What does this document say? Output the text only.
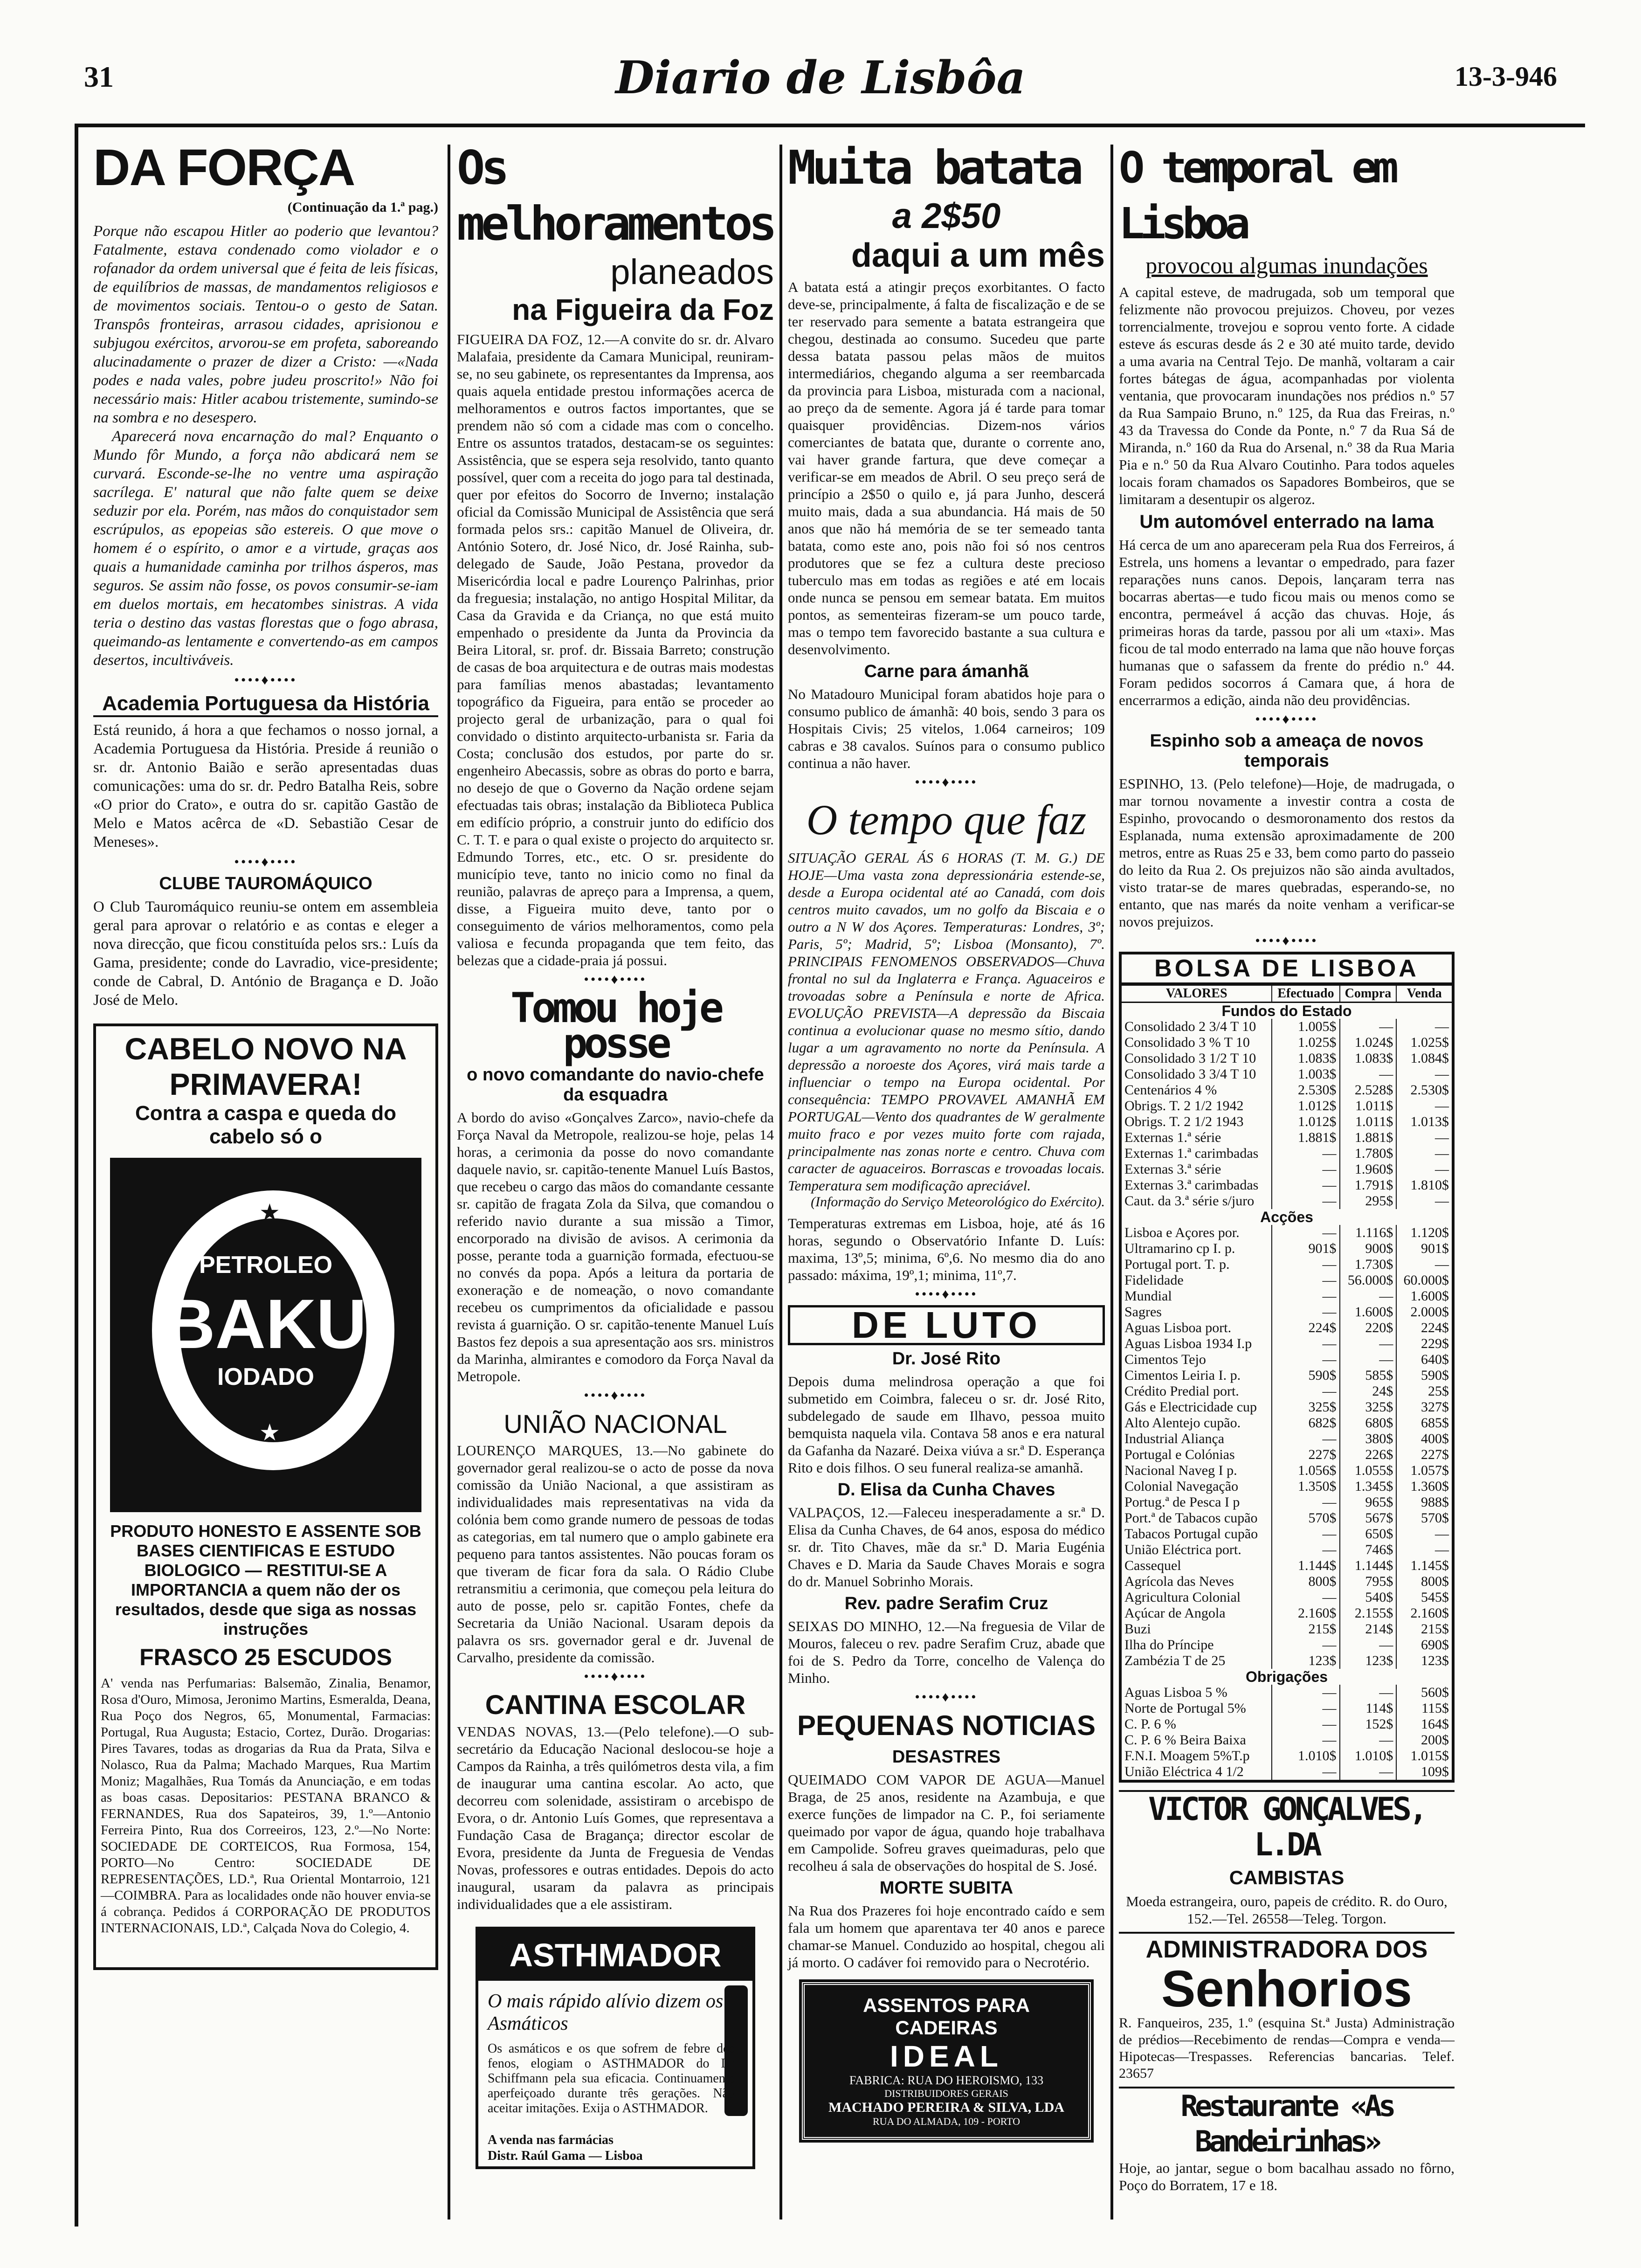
31	Diario de Lisbôa	13-3-946
DA FORÇA
(Continuação da 1.ª pag.)

Porque não escapou Hitler ao poderio que levantou? Fatalmente, estava condenado como violador e o rofanador da ordem universal que é feita de leis físicas, de equilíbrios de massas, de mandamentos religiosos e de movimentos sociais. Tentou-o o gesto de Satan. Transpôs fronteiras, arrasou cidades, aprisionou e subjugou exércitos, arvorou-se em profeta, saboreando alucinadamente o prazer de dizer a Cristo: —«Nada podes e nada vales, pobre judeu proscrito!» Não foi necessário mais: Hitler acabou tristemente, sumindo-se na sombra e no desespero.

Aparecerá nova encarnação do mal? Enquanto o Mundo fôr Mundo, a força não abdicará nem se curvará. Esconde-se-lhe no ventre uma aspiração sacrílega. E' natural que não falte quem se deixe seduzir por ela. Porém, nas mãos do conquistador sem escrúpulos, as epopeias são estereis. O que move o homem é o espírito, o amor e a virtude, graças aos quais a humanidade caminha por trilhos ásperos, mas seguros. Se assim não fosse, os povos consumir-se-iam em duelos mortais, em hecatombes sinistras. A vida teria o destino das vastas florestas que o fogo abrasa, queimando-as lentamente e convertendo-as em campos desertos, incultiváveis.

••••♦••••
Academia Portuguesa da História

Está reunido, á hora a que fechamos o nosso jornal, a Academia Portuguesa da História. Preside á reunião o sr. dr. Antonio Baião e serão apresentadas duas comunicações: uma do sr. dr. Pedro Batalha Reis, sobre «O prior do Crato», e outra do sr. capitão Gastão de Melo e Matos acêrca de «D. Sebastião Cesar de Meneses».

••••♦••••
CLUBE TAUROMÁQUICO

O Club Tauromáquico reuniu-se ontem em assembleia geral para aprovar o relatório e as contas e eleger a nova direcção, que ficou constituída pelos srs.: Luís da Gama, presidente; conde do Lavradio, vice-presidente; conde de Cabral, D. António de Bragança e D. João José de Melo.

CABELO NOVO NA PRIMAVERA!
Contra a caspa e queda do cabelo só o
PETROLEO
BAKU
IODADO
★
★
PRODUTO HONESTO E ASSENTE SOB BASES CIENTIFICAS E ESTUDO BIOLOGICO — RESTITUI-SE A IMPORTANCIA a quem não der os resultados, desde que siga as nossas instruções
FRASCO 25 ESCUDOS

A' venda nas Perfumarias: Balsemão, Zinalia, Benamor, Rosa d'Ouro, Mimosa, Jeronimo Martins, Esmeralda, Deana, Rua Poço dos Negros, 65, Monumental, Farmacias: Portugal, Rua Augusta; Estacio, Cortez, Durão. Drogarias: Pires Tavares, todas as drogarias da Rua da Prata, Silva e Nolasco, Rua da Palma; Machado Marques, Rua Martim Moniz; Magalhães, Rua Tomás da Anunciação, e em todas as boas casas. Depositarios: PESTANA BRANCO & FERNANDES, Rua dos Sapateiros, 39, 1.º—Antonio Ferreira Pinto, Rua dos Correeiros, 123, 2.º—No Norte: SOCIEDADE DE CORTEICOS, Rua Formosa, 154, PORTO—No Centro: SOCIEDADE DE REPRESENTAÇÕES, LD.ª, Rua Oriental Montarroio, 121—COIMBRA. Para as localidades onde não houver envia-se á cobrança. Pedidos á CORPORAÇÃO DE PRODUTOS INTERNACIONAIS, LD.ª, Calçada Nova do Colegio, 4.

Os melhoramentos
planeados
na Figueira da Foz

FIGUEIRA DA FOZ, 12.—A convite do sr. dr. Alvaro Malafaia, presidente da Camara Municipal, reuniram-se, no seu gabinete, os representantes da Imprensa, aos quais aquela entidade prestou informações acerca de melhoramentos e outros factos importantes, que se prendem não só com a cidade mas com o concelho. Entre os assuntos tratados, destacam-se os seguintes: Assistência, que se espera seja resolvido, tanto quanto possível, quer com a receita do jogo para tal destinada, quer por efeitos do Socorro de Inverno; instalação oficial da Comissão Municipal de Assistência que será formada pelos srs.: capitão Manuel de Oliveira, dr. António Sotero, dr. José Nico, dr. José Rainha, sub-delegado de Saude, João Pestana, provedor da Misericórdia local e padre Lourenço Palrinhas, prior da freguesia; instalação, no antigo Hospital Militar, da Casa da Gravida e da Criança, no que está muito empenhado o presidente da Junta da Provincia da Beira Litoral, sr. prof. dr. Bissaia Barreto; construção de casas de boa arquitectura e de outras mais modestas para famílias menos abastadas; levantamento topográfico da Figueira, para então se proceder ao projecto geral de urbanização, para o qual foi convidado o distinto arquitecto-urbanista sr. Faria da Costa; conclusão dos estudos, por parte do sr. engenheiro Abecassis, sobre as obras do porto e barra, no desejo de que o Governo da Nação ordene sejam efectuadas tais obras; instalação da Biblioteca Publica em edifício próprio, a construir junto do edifício dos C. T. T. e para o qual existe o projecto do arquitecto sr. Edmundo Torres, etc., etc. O sr. presidente do município teve, tanto no inicio como no final da reunião, palavras de apreço para a Imprensa, a quem, disse, a Figueira muito deve, tanto por o conseguimento de vários melhoramentos, como pela valiosa e fecunda propaganda que tem feito, das belezas que a cidade-praia já possui.

••••♦••••
Tomou hoje posse
o novo comandante do navio-chefe da esquadra

A bordo do aviso «Gonçalves Zarco», navio-chefe da Força Naval da Metropole, realizou-se hoje, pelas 14 horas, a cerimonia da posse do novo comandante daquele navio, sr. capitão-tenente Manuel Luís Bastos, que recebeu o cargo das mãos do comandante cessante sr. capitão de fragata Zola da Silva, que comandou o referido navio durante a sua missão a Timor, encorporado na divisão de avisos. A cerimonia da posse, perante toda a guarnição formada, efectuou-se no convés da popa. Após a leitura da portaria de exoneração e de nomeação, o novo comandante recebeu os cumprimentos da oficialidade e passou revista á guarnição. O sr. capitão-tenente Manuel Luís Bastos fez depois a sua apresentação aos srs. ministros da Marinha, almirantes e comodoro da Força Naval da Metropole.

••••♦••••
UNIÃO NACIONAL

LOURENÇO MARQUES, 13.—No gabinete do governador geral realizou-se o acto de posse da nova comissão da União Nacional, a que assistiram as individualidades mais representativas na vida da colónia bem como grande numero de pessoas de todas as categorias, em tal numero que o amplo gabinete era pequeno para tantos assistentes. Não poucas foram os que tiveram de ficar fora da sala. O Rádio Clube retransmitiu a cerimonia, que começou pela leitura do auto de posse, pelo sr. capitão Fontes, chefe da Secretaria da União Nacional. Usaram depois da palavra os srs. governador geral e dr. Juvenal de Carvalho, presidente da comissão.

••••♦••••
CANTINA ESCOLAR

VENDAS NOVAS, 13.—(Pelo telefone).—O sub-secretário da Educação Nacional deslocou-se hoje a Campos da Rainha, a três quilómetros desta vila, a fim de inaugurar uma cantina escolar. Ao acto, que decorreu com solenidade, assistiram o arcebispo de Evora, o dr. Antonio Luís Gomes, que representava a Fundação Casa de Bragança; director escolar de Evora, presidente da Junta de Freguesia de Vendas Novas, professores e outras entidades. Depois do acto inaugural, usaram da palavra as principais individualidades que a ele assistiram.

ASTHMADOR
O mais rápido alívio dizem os Asmáticos

Os asmáticos e os que sofrem de febre dos fenos, elogiam o ASTHMADOR do Dr Schiffmann pela sua eficacia. Continuamente aperfeiçoado durante três gerações. Não aceitar imitações. Exija o ASTHMADOR.

A venda nas farmácias
Distr. Raúl Gama — Lisboa
Muita batata
a 2$50
daqui a um mês

A batata está a atingir preços exorbitantes. O facto deve-se, principalmente, á falta de fiscalização e de se ter reservado para semente a batata estrangeira que chegou, destinada ao consumo. Sucedeu que parte dessa batata passou pelas mãos de muitos intermediários, chegando alguma a ser reembarcada da provincia para Lisboa, misturada com a nacional, ao preço da de semente. Agora já é tarde para tomar quaisquer providências. Dizem-nos vários comerciantes de batata que, durante o corrente ano, vai haver grande fartura, que deve começar a verificar-se em meados de Abril. O seu preço será de princípio a 2$50 o quilo e, já para Junho, descerá muito mais, dada a sua abundancia. Há mais de 50 anos que não há memória de se ter semeado tanta batata, como este ano, pois não foi só nos centros produtores que se fez a cultura deste precioso tuberculo mas em todas as regiões e até em locais onde nunca se pensou em semear batata. Em muitos pontos, as sementeiras fizeram-se um pouco tarde, mas o tempo tem favorecido bastante a sua cultura e desenvolvimento.

Carne para ámanhã

No Matadouro Municipal foram abatidos hoje para o consumo publico de ámanhã: 40 bois, sendo 3 para os Hospitais Civis; 25 vitelos, 1.064 carneiros; 109 cabras e 38 cavalos. Suínos para o consumo publico continua a não haver.

••••♦••••
O tempo que faz

SITUAÇÃO GERAL ÁS 6 HORAS (T. M. G.) DE HOJE—Uma vasta zona depressionária estende-se, desde a Europa ocidental até ao Canadá, com dois centros muito cavados, um no golfo da Biscaia e o outro a N W dos Açores. Temperaturas: Londres, 3º; Paris, 5º; Madrid, 5º; Lisboa (Monsanto), 7º. PRINCIPAIS FENOMENOS OBSERVADOS—Chuva frontal no sul da Inglaterra e França. Aguaceiros e trovoadas sobre a Península e norte de Africa. EVOLUÇÃO PREVISTA—A depressão da Biscaia continua a evolucionar quase no mesmo sítio, dando lugar a um agravamento no norte da Península. A depressão a noroeste dos Açores, virá mais tarde a influenciar o tempo na Europa ocidental. Por consequência: TEMPO PROVAVEL AMANHÃ EM PORTUGAL—Vento dos quadrantes de W geralmente muito fraco e por vezes muito forte com rajada, principalmente nas zonas norte e centro. Chuva com caracter de aguaceiros. Borrascas e trovoadas locais. Temperatura sem modificação apreciável.

(Informação do Serviço Meteorológico do Exército).

Temperaturas extremas em Lisboa, hoje, até ás 16 horas, segundo o Observatório Infante D. Luís: maxima, 13º,5; minima, 6º,6. No mesmo dia do ano passado: máxima, 19º,1; minima, 11º,7.

••••♦••••
DE LUTO
Dr. José Rito

Depois duma melindrosa operação a que foi submetido em Coimbra, faleceu o sr. dr. José Rito, subdelegado de saude em Ilhavo, pessoa muito bemquista naquela vila. Contava 58 anos e era natural da Gafanha da Nazaré. Deixa viúva a sr.ª D. Esperança Rito e dois filhos. O seu funeral realiza-se amanhã.

D. Elisa da Cunha Chaves

VALPAÇOS, 12.—Faleceu inesperadamente a sr.ª D. Elisa da Cunha Chaves, de 64 anos, esposa do médico sr. dr. Tito Chaves, mãe da sr.ª D. Maria Eugénia Chaves e D. Maria da Saude Chaves Morais e sogra do dr. Manuel Sobrinho Morais.

Rev. padre Serafim Cruz

SEIXAS DO MINHO, 12.—Na freguesia de Vilar de Mouros, faleceu o rev. padre Serafim Cruz, abade que foi de S. Pedro da Torre, concelho de Valença do Minho.

••••♦••••
PEQUENAS NOTICIAS
DESASTRES

QUEIMADO COM VAPOR DE AGUA—Manuel Braga, de 25 anos, residente na Azambuja, e que exerce funções de limpador na C. P., foi seriamente queimado por vapor de água, quando hoje trabalhava em Campolide. Sofreu graves queimaduras, pelo que recolheu á sala de observações do hospital de S. José.

MORTE SUBITA

Na Rua dos Prazeres foi hoje encontrado caído e sem fala um homem que aparentava ter 40 anos e parece chamar-se Manuel. Conduzido ao hospital, chegou ali já morto. O cadáver foi removido para o Necrotério.

ASSENTOS PARA CADEIRAS
IDEAL
FABRICA: RUA DO HEROISMO, 133
DISTRIBUIDORES GERAIS
MACHADO PEREIRA & SILVA, LDA
RUA DO ALMADA, 109 - PORTO
O temporal em Lisboa
provocou algumas inundações

A capital esteve, de madrugada, sob um temporal que felizmente não provocou prejuizos. Choveu, por vezes torrencialmente, trovejou e soprou vento forte. A cidade esteve ás escuras desde ás 2 e 30 até muito tarde, devido a uma avaria na Central Tejo. De manhã, voltaram a cair fortes bátegas de água, acompanhadas por violenta ventania, que provocaram inundações nos prédios n.º 57 da Rua Sampaio Bruno, n.º 125, da Rua das Freiras, n.º 43 da Travessa do Conde da Ponte, n.º 7 da Rua Sá de Miranda, n.º 160 da Rua do Arsenal, n.º 38 da Rua Maria Pia e n.º 50 da Rua Alvaro Coutinho. Para todos aqueles locais foram chamados os Sapadores Bombeiros, que se limitaram a desentupir os algeroz.

Um automóvel enterrado na lama

Há cerca de um ano apareceram pela Rua dos Ferreiros, á Estrela, uns homens a levantar o empedrado, para fazer reparações nuns canos. Depois, lançaram terra nas bocarras abertas—e tudo ficou mais ou menos como se encontra, permeável á acção das chuvas. Hoje, ás primeiras horas da tarde, passou por ali um «taxi». Mas ficou de tal modo enterrado na lama que não houve forças humanas que o safassem da frente do prédio n.º 44. Foram pedidos socorros á Camara que, á hora de encerrarmos a edição, ainda não deu providências.

••••♦••••
Espinho sob a ameaça de novos temporais

ESPINHO, 13. (Pelo telefone)—Hoje, de madrugada, o mar tornou novamente a investir contra a costa de Espinho, provocando o desmoronamento dos restos da Esplanada, numa extensão aproximadamente de 200 metros, entre as Ruas 25 e 33, bem como parto do passeio do leito da Rua 2. Os prejuizos não são ainda avultados, visto tratar-se de mares quebradas, esperando-se, no entanto, que nas marés da noite venham a verificar-se novos prejuizos.

••••♦••••
BOLSA DE LISBOA
VALORES	Efectuado	Compra	Venda
Fundos do Estado			
Consolidado 2 3/4 T 10	1.005$	—	—
Consolidado 3 % T 10	1.025$	1.024$	1.025$
Consolidado 3 1/2 T 10	1.083$	1.083$	1.084$
Consolidado 3 3/4 T 10	1.003$	—	—
Centenários 4 %	2.530$	2.528$	2.530$
Obrigs. T. 2 1/2 1942	1.012$	1.011$	—
Obrigs. T. 2 1/2 1943	1.012$	1.011$	1.013$
Externas 1.ª série	1.881$	1.881$	—
Externas 1.ª carimbadas	—	1.780$	—
Externas 3.ª série	—	1.960$	—
Externas 3.ª carimbadas	—	1.791$	1.810$
Caut. da 3.ª série s/juro	—	295$	—
Acções			
Lisboa e Açores por.	—	1.116$	1.120$
Ultramarino cp I. p.	901$	900$	901$
Portugal port. T. p.	—	1.730$	—
Fidelidade	—	56.000$	60.000$
Mundial	—	—	1.600$
Sagres	—	1.600$	2.000$
Aguas Lisboa port.	224$	220$	224$
Aguas Lisboa 1934 I.p	—	—	229$
Cimentos Tejo	—	—	640$
Cimentos Leiria I. p.	590$	585$	590$
Crédito Predial port.	—	24$	25$
Gás e Electricidade cup	325$	325$	327$
Alto Alentejo cupão.	682$	680$	685$
Industrial Aliança	—	380$	400$
Portugal e Colónias	227$	226$	227$
Nacional Naveg I p.	1.056$	1.055$	1.057$
Colonial Navegação	1.350$	1.345$	1.360$
Portug.ª de Pesca I p	—	965$	988$
Port.ª de Tabacos cupão	570$	567$	570$
Tabacos Portugal cupão	—	650$	—
União Eléctrica port.	—	746$	—
Cassequel	1.144$	1.144$	1.145$
Agrícola das Neves	800$	795$	800$
Agricultura Colonial	—	540$	545$
Açúcar de Angola	2.160$	2.155$	2.160$
Buzi	215$	214$	215$
Ilha do Príncipe	—	—	690$
Zambézia T de 25	123$	123$	123$
Obrigações			
Aguas Lisboa 5 %	—	—	560$
Norte de Portugal 5%	—	114$	115$
C. P. 6 %	—	152$	164$
C. P. 6 % Beira Baixa	—	—	200$
F.N.I. Moagem 5%T.p	1.010$	1.010$	1.015$
União Eléctrica 4 1/2	—	—	109$
VICTOR GONÇALVES, L.DA
CAMBISTAS

Moeda estrangeira, ouro, papeis de crédito. R. do Ouro, 152.—Tel. 26558—Teleg. Torgon.

ADMINISTRADORA DOS
Senhorios

R. Fanqueiros, 235, 1.º (esquina St.ª Justa) Administração de prédios—Recebimento de rendas—Compra e venda—Hipotecas—Trespasses. Referencias bancarias. Telef. 23657

Restaurante «As Bandeirinhas»

Hoje, ao jantar, segue o bom bacalhau assado no fôrno, Poço do Borratem, 17 e 18.
